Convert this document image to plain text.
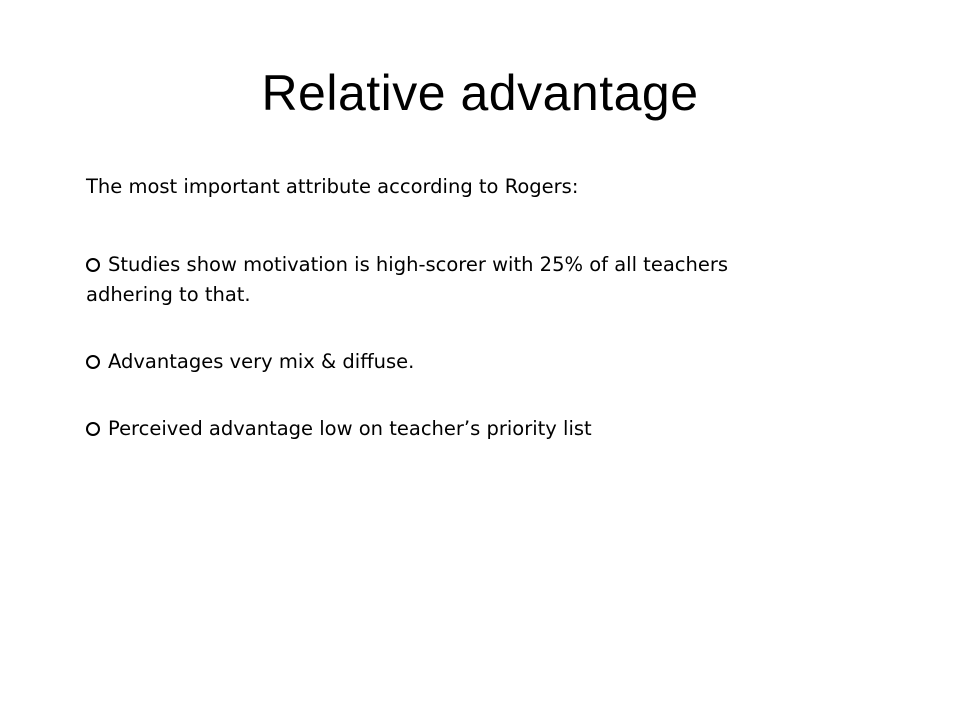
Relative advantage

The most important attribute according to Rogers:

Studies show motivation is high-scorer with 25% of all teachers adhering to that.

Advantages very mix & diffuse.

Perceived advantage low on teacher’s priority list
